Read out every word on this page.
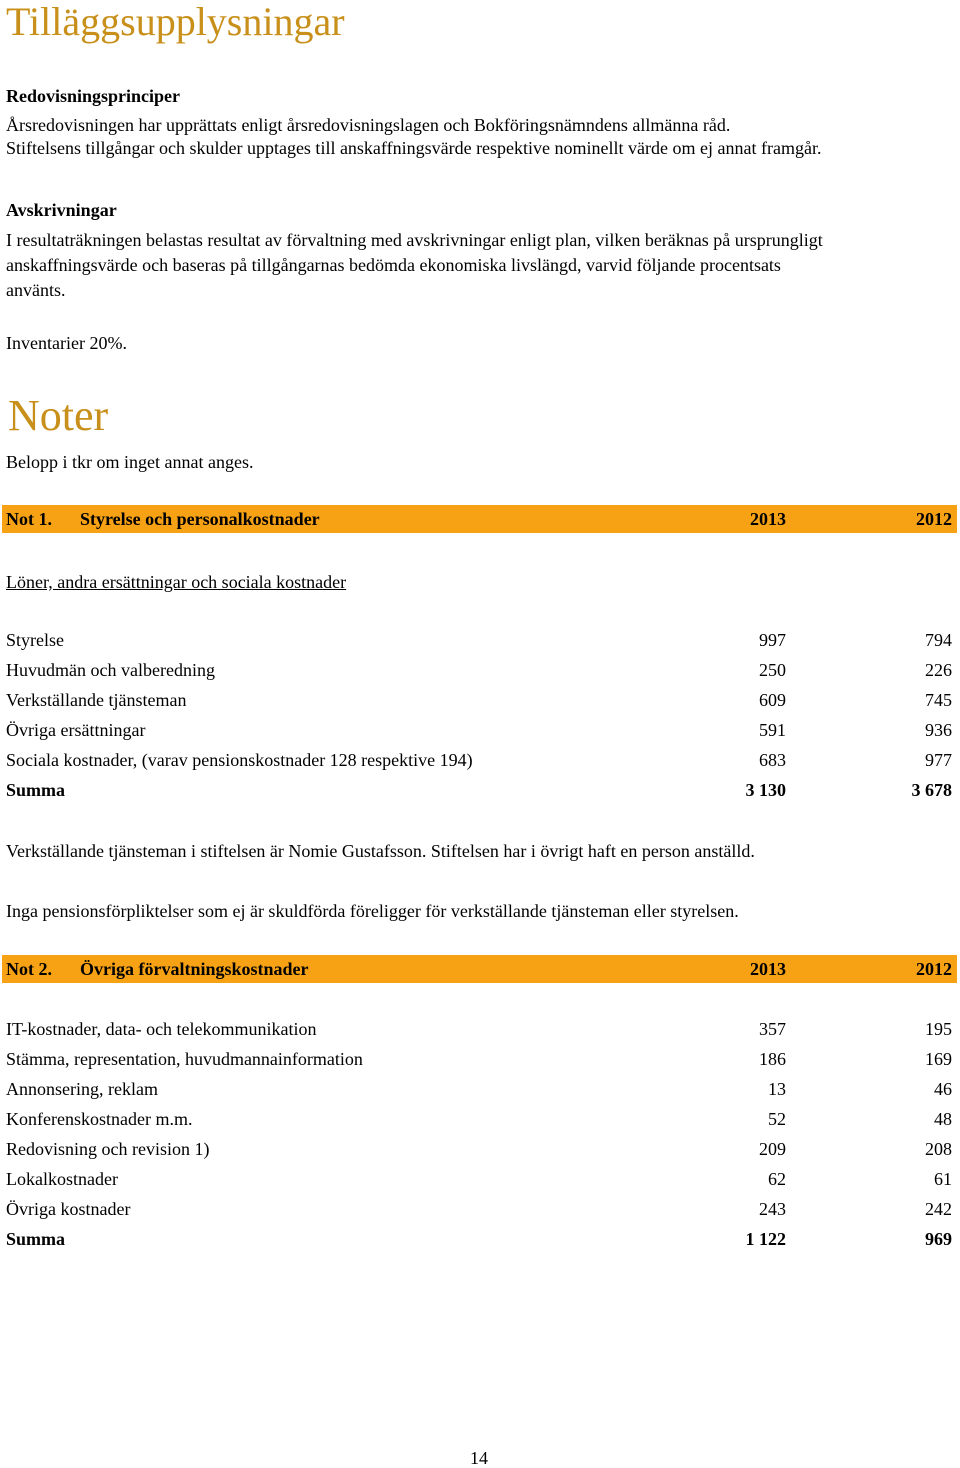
Tilläggsupplysningar
Redovisningsprinciper
Årsredovisningen har upprättats enligt årsredovisningslagen och Bokföringsnämndens allmänna råd.
Stiftelsens tillgångar och skulder upptages till anskaffningsvärde respektive nominellt värde om ej annat framgår.
Avskrivningar
I resultaträkningen belastas resultat av förvaltning med avskrivningar enligt plan, vilken beräknas på ursprungligt
anskaffningsvärde och baseras på tillgångarnas bedömda ekonomiska livslängd, varvid följande procentsats
använts.
Inventarier 20%.
Noter
Belopp i tkr om inget annat anges.
Not 1. Styrelse och personalkostnader	2013	2012
Löner, andra ersättningar och sociala kostnader
Styrelse	997	794
Huvudmän och valberedning	250	226
Verkställande tjänsteman	609	745
Övriga ersättningar	591	936
Sociala kostnader, (varav pensionskostnader 128 respektive 194)	683	977
Summa	3 130	3 678
Verkställande tjänsteman i stiftelsen är Nomie Gustafsson. Stiftelsen har i övrigt haft en person anställd.
Inga pensionsförpliktelser som ej är skuldförda föreligger för verkställande tjänsteman eller styrelsen.
Not 2. Övriga förvaltningskostnader	2013	2012
IT-kostnader, data- och telekommunikation	357	195
Stämma, representation, huvudmannainformation	186	169
Annonsering, reklam	13	46
Konferenskostnader m.m.	52	48
Redovisning och revision 1)	209	208
Lokalkostnader	62	61
Övriga kostnader	243	242
Summa	1 122	969
14
